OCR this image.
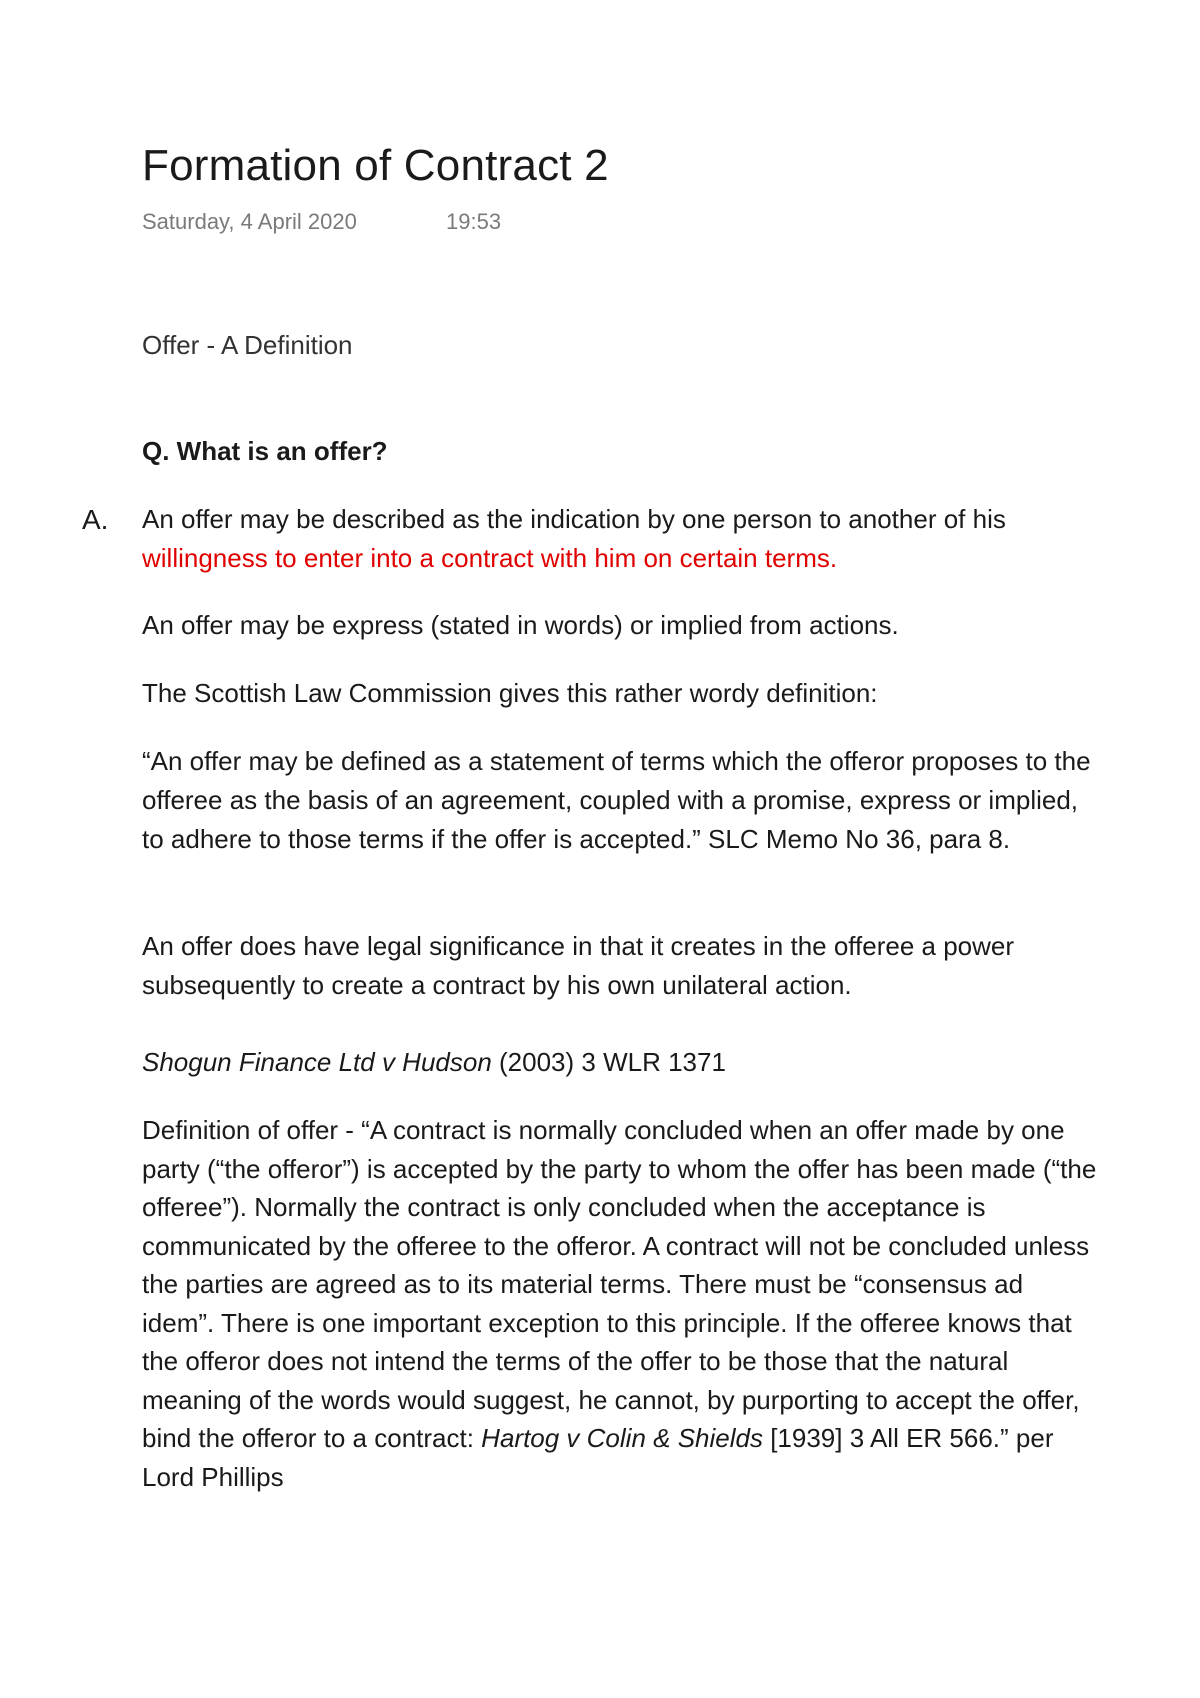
Formation of Contract 2
Saturday, 4 April 2020	19:53
Offer - A Definition
Q. What is an offer?
A. An offer may be described as the indication by one person to another of his willingness to enter into a contract with him on certain terms.
An offer may be express (stated in words) or implied from actions.
The Scottish Law Commission gives this rather wordy definition:
“An offer may be defined as a statement of terms which the offeror proposes to the offeree as the basis of an agreement, coupled with a promise, express or implied, to adhere to those terms if the offer is accepted.” SLC Memo No 36, para 8.
An offer does have legal significance in that it creates in the offeree a power subsequently to create a contract by his own unilateral action.
Shogun Finance Ltd v Hudson (2003) 3 WLR 1371
Definition of offer - “A contract is normally concluded when an offer made by one party (“the offeror”) is accepted by the party to whom the offer has been made (“the offeree”). Normally the contract is only concluded when the acceptance is communicated by the offeree to the offeror. A contract will not be concluded unless the parties are agreed as to its material terms. There must be “consensus ad idem”. There is one important exception to this principle. If the offeree knows that the offeror does not intend the terms of the offer to be those that the natural meaning of the words would suggest, he cannot, by purporting to accept the offer, bind the offeror to a contract: Hartog v Colin & Shields [1939] 3 All ER 566.” per Lord Phillips
